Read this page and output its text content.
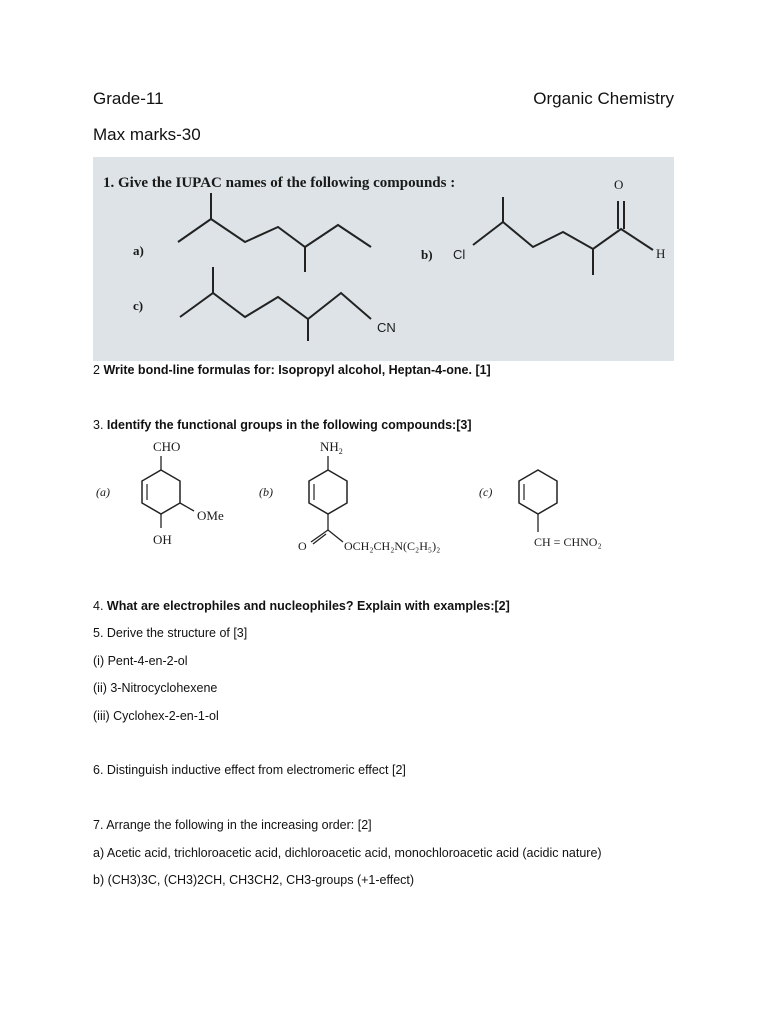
Grade-11	Organic Chemistry
Max marks-30
1. Give the IUPAC names of the following compounds :
a)	b) Cl
O
H
c)
CN
2 Write bond-line formulas for: Isopropyl alcohol, Heptan-4-one. [1]
3. Identify the functional groups in the following compounds:[3]
(a)
CHO
OMe
OH
(b)
$NH_2$
O	OCH₂CH₂N(C₂H₅)₂
(c)
CH = CHNO₂
4. What are electrophiles and nucleophiles? Explain with examples:[2]
5. Derive the structure of [3]
(i) Pent-4-en-2-ol
(ii) 3-Nitrocyclohexene
(iii) Cyclohex-2-en-1-ol
6. Distinguish inductive effect from electromeric effect [2]
7. Arrange the following in the increasing order: [2]
a) Acetic acid, trichloroacetic acid, dichloroacetic acid, monochloroacetic acid (acidic nature)
b) (CH3)3C, (CH3)2CH, CH3CH2, CH3-groups (+1-effect)
